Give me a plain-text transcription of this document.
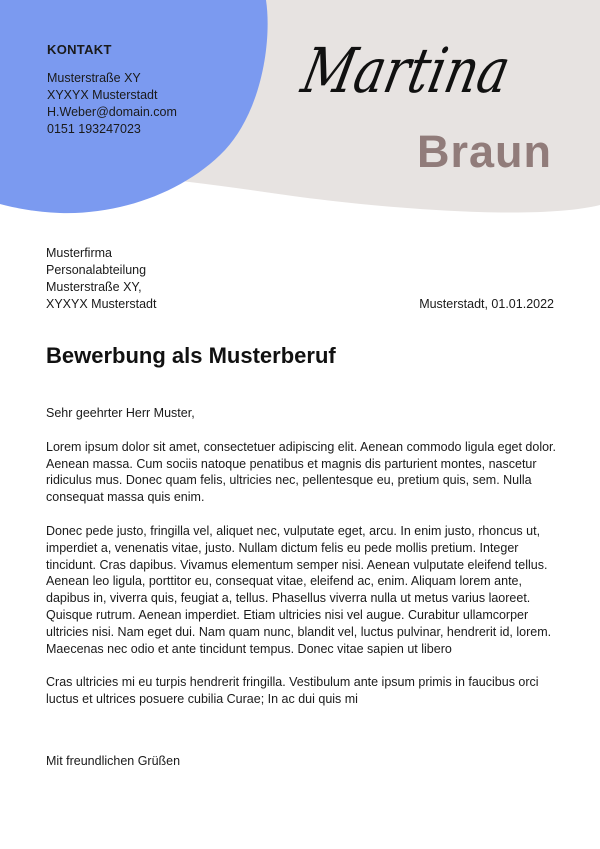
KONTAKT
Musterstraße XY
XYXYX Musterstadt
H.Weber@domain.com
0151 193247023
Martina
Braun
Musterfirma
Personalabteilung
Musterstraße XY,
XYXYX Musterstadt	Musterstadt, 01.01.2022
Bewerbung als Musterberuf

Sehr geehrter Herr Muster,

Lorem ipsum dolor sit amet, consectetuer adipiscing elit. Aenean commodo ligula eget dolor. Aenean massa. Cum sociis natoque penatibus et magnis dis parturient montes, nascetur ridiculus mus. Donec quam felis, ultricies nec, pellentesque eu, pretium quis, sem. Nulla consequat massa quis enim.

Donec pede justo, fringilla vel, aliquet nec, vulputate eget, arcu. In enim justo, rhoncus ut, imperdiet a, venenatis vitae, justo. Nullam dictum felis eu pede mollis pretium. Integer tincidunt. Cras dapibus. Vivamus elementum semper nisi. Aenean vulputate eleifend tellus.

Aenean leo ligula, porttitor eu, consequat vitae, eleifend ac, enim. Aliquam lorem ante, dapibus in, viverra quis, feugiat a, tellus. Phasellus viverra nulla ut metus varius laoreet. Quisque rutrum. Aenean imperdiet. Etiam ultricies nisi vel augue. Curabitur ullamcorper ultricies nisi. Nam eget dui. Nam quam nunc, blandit vel, luctus pulvinar, hendrerit id, lorem. Maecenas nec odio et ante tincidunt tempus. Donec vitae sapien ut libero

Cras ultricies mi eu turpis hendrerit fringilla. Vestibulum ante ipsum primis in faucibus orci luctus et ultrices posuere cubilia Curae; In ac dui quis mi

Mit freundlichen Grüßen
